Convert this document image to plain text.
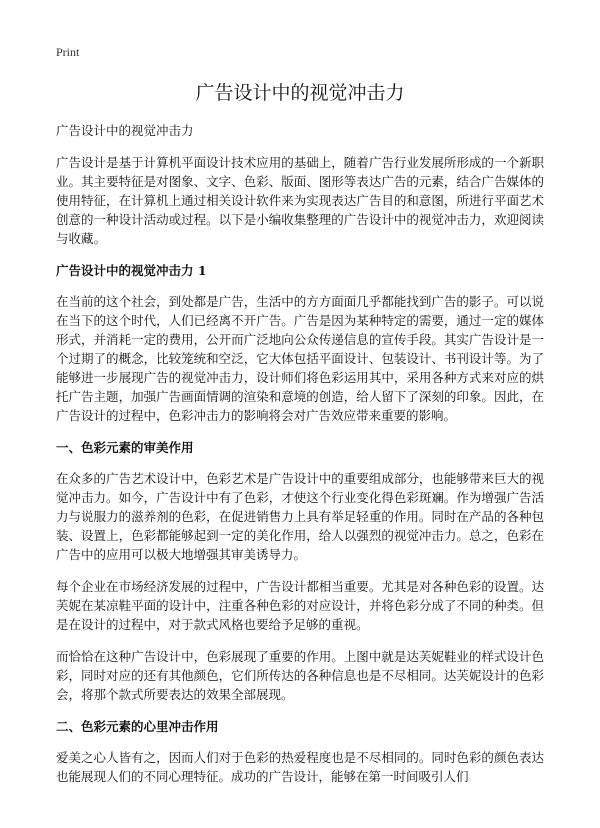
Print
广告设计中的视觉冲击力

广告设计中的视觉冲击力

广告设计是基于计算机平面设计技术应用的基础上，随着广告行业发展所形成的一个新职业。其主要特征是对图象、文字、色彩、版面、图形等表达广告的元素，结合广告媒体的使用特征，在计算机上通过相关设计软件来为实现表达广告目的和意图，所进行平面艺术创意的一种设计活动或过程。以下是小编收集整理的广告设计中的视觉冲击力，欢迎阅读与收藏。

广告设计中的视觉冲击力 1

在当前的这个社会，到处都是广告，生活中的方方面面几乎都能找到广告的影子。可以说在当下的这个时代，人们已经离不开广告。广告是因为某种特定的需要，通过一定的媒体形式，并消耗一定的费用，公开而广泛地向公众传递信息的宣传手段。其实广告设计是一个过期了的概念，比较笼统和空泛，它大体包括平面设计、包装设计、书刊设计等。为了能够进一步展现广告的视觉冲击力，设计师们将色彩运用其中，采用各种方式来对应的烘托广告主题，加强广告画面情调的渲染和意境的创造，给人留下了深刻的印象。因此，在广告设计的过程中，色彩冲击力的影响将会对广告效应带来重要的影响。

一、色彩元素的审美作用

在众多的广告艺术设计中，色彩艺术是广告设计中的重要组成部分，也能够带来巨大的视觉冲击力。如今，广告设计中有了色彩，才使这个行业变化得色彩斑斓。作为增强广告活力与说服力的滋养剂的色彩，在促进销售力上具有举足轻重的作用。同时在产品的各种包装、设置上，色彩都能够起到一定的美化作用，给人以强烈的视觉冲击力。总之，色彩在广告中的应用可以极大地增强其审美诱导力。

每个企业在市场经济发展的过程中，广告设计都相当重要。尤其是对各种色彩的设置。达芙妮在某凉鞋平面的设计中，注重各种色彩的对应设计，并将色彩分成了不同的种类。但是在设计的过程中，对于款式风格也要给予足够的重视。

而恰恰在这种广告设计中，色彩展现了重要的作用。上图中就是达芙妮鞋业的样式设计色彩，同时对应的还有其他颜色，它们所传达的各种信息也是不尽相同。达芙妮设计的色彩会，将那个款式所要表达的效果全部展现。

二、色彩元素的心里冲击作用

爱美之心人皆有之，因而人们对于色彩的热爱程度也是不尽相同的。同时色彩的颜色表达也能展现人们的不同心理特征。成功的广告设计，能够在第一时间吸引人们
